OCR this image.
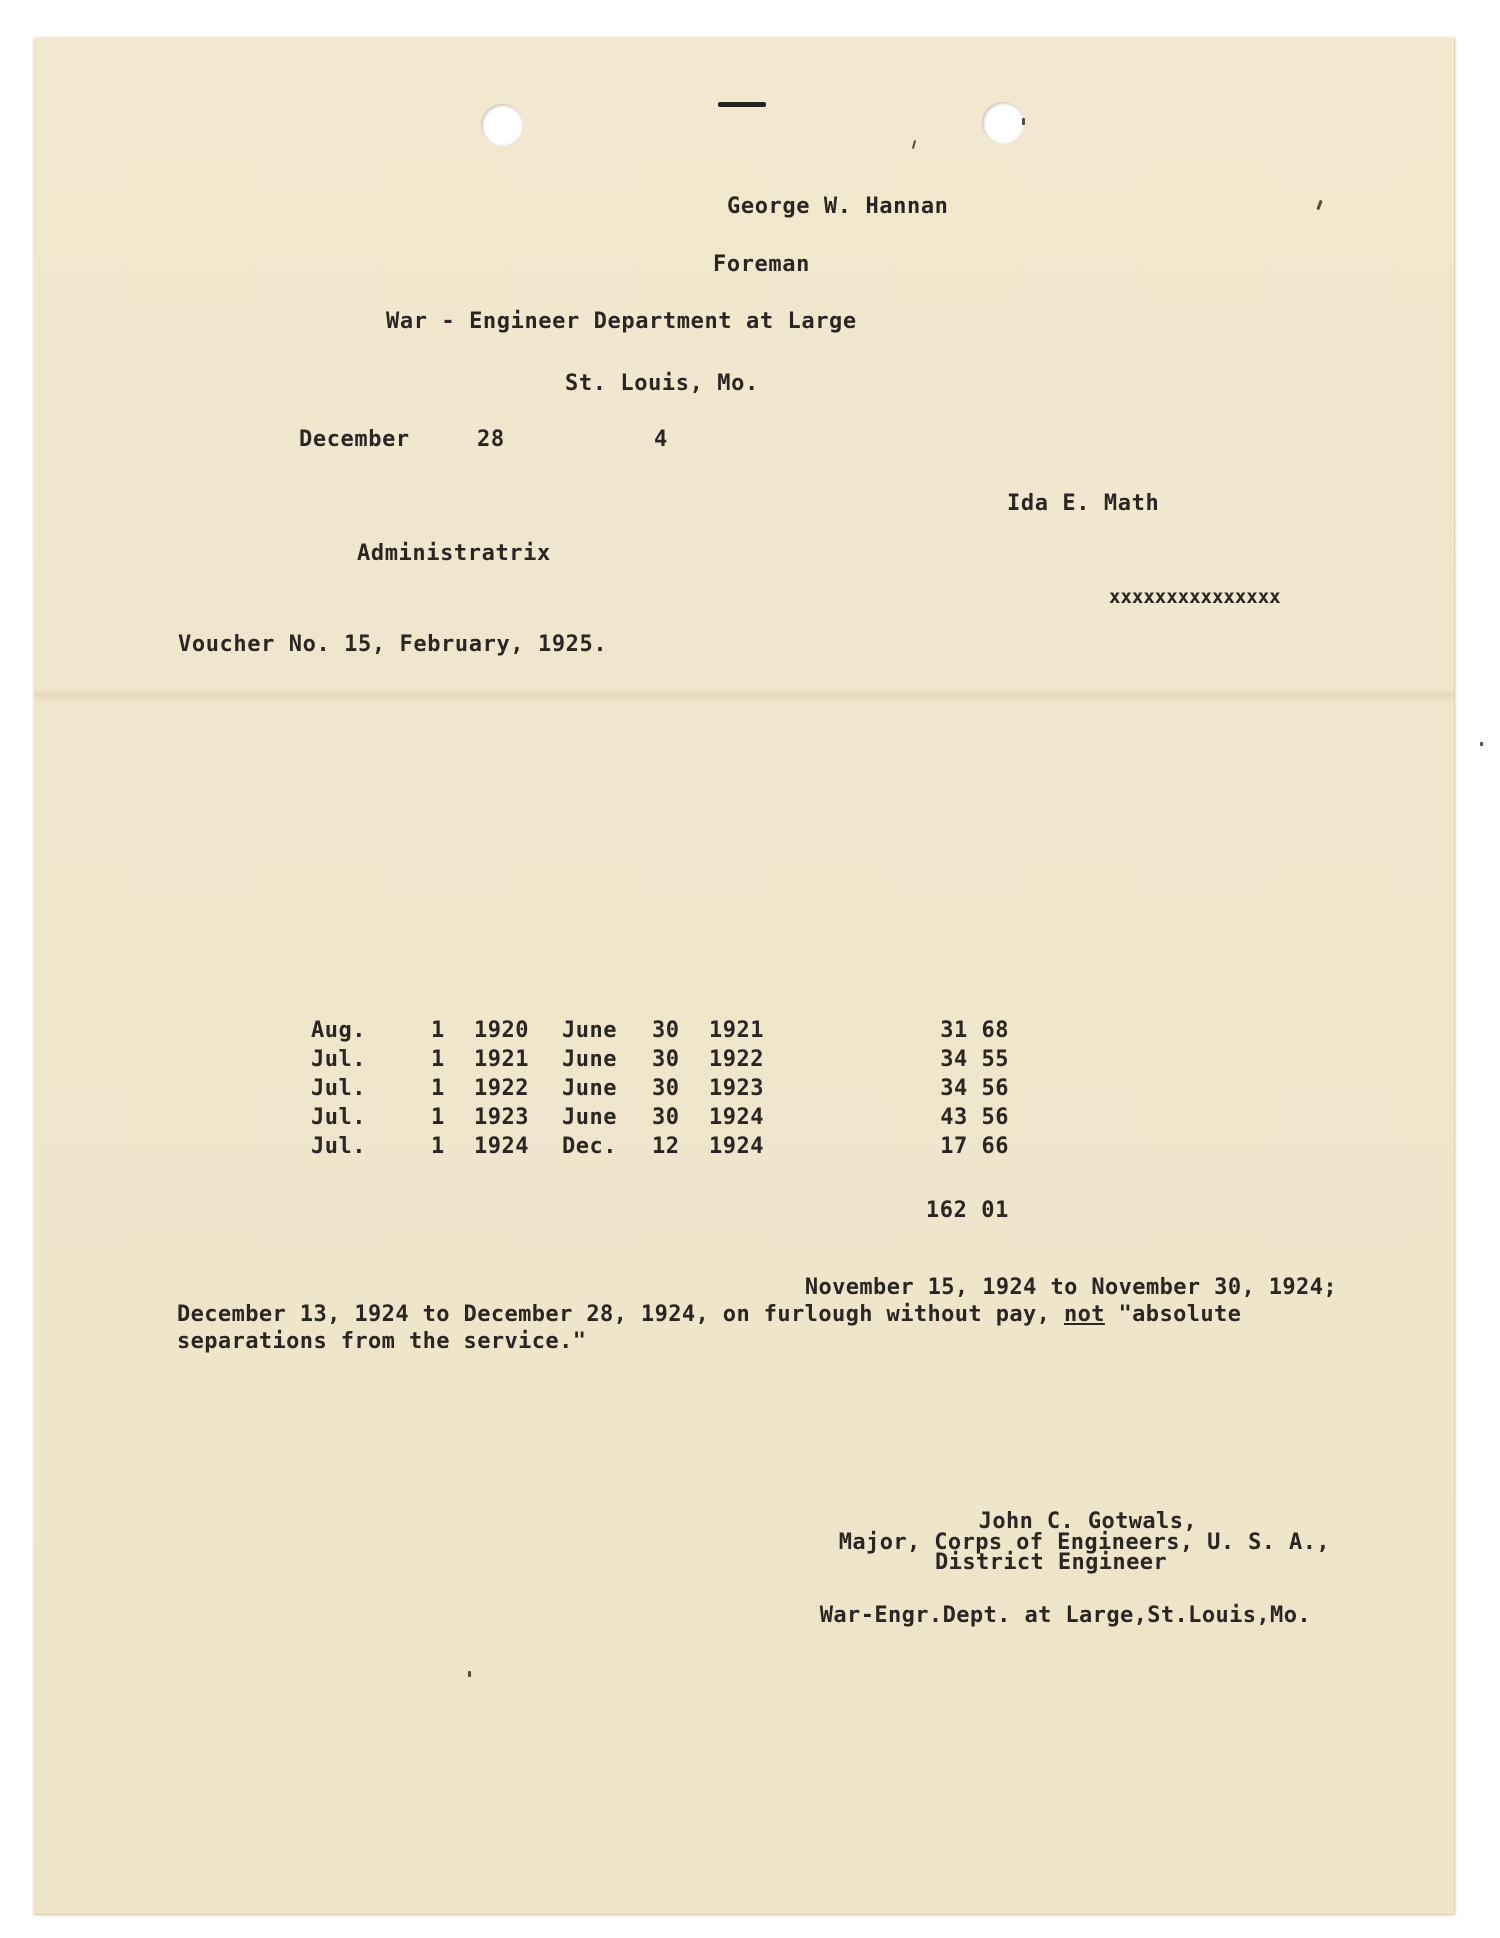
George W. Hannan

Foreman

War - Engineer Department at Large

St. Louis, Mo.

December	28	4

Ida E. Math

Administratrix

xxxxxxxxxxxxxxx

Voucher No. 15, February, 1925.

Aug.	1 1920 June 30 1921	31 68
Jul.	1 1921 June 30 1922	34 55
Jul.	1 1922 June 30 1923	34 56
Jul.	1 1923 June 30 1924	43 56
Jul.	1 1924 Dec. 12 1924	17 66

162 01

November 15, 1924 to November 30, 1924;
December 13, 1924 to December 28, 1924, on furlough without pay, not "absolute
separations from the service."

John C. Gotwals,

Major, Corps of Engineers, U. S. A.,

District Engineer

War-Engr.Dept. at Large,St.Louis,Mo.
